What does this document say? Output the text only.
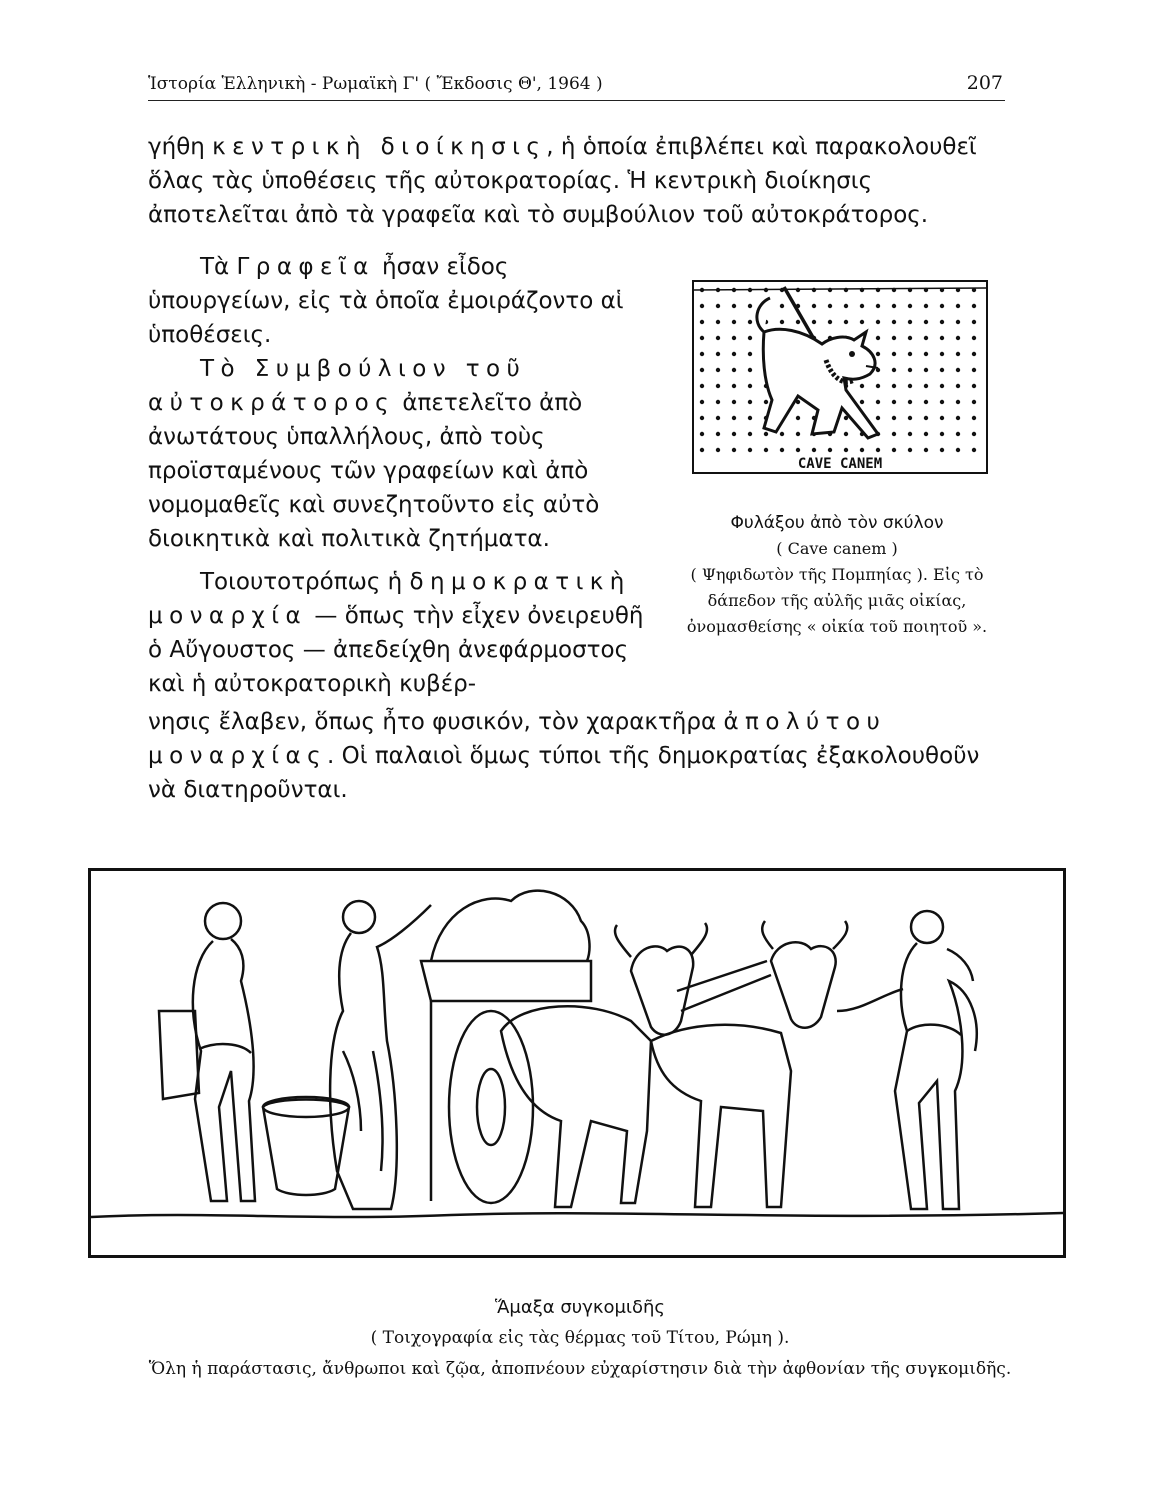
Ἱστορία Ἑλληνικὴ - Ρωμαϊκὴ Γ' ( Ἔκδοσις Θ', 1964 )	207

γήθη κεντρικὴ διοίκησις, ἡ ὁποία ἐπιβλέπει καὶ παρακολουθεῖ ὅλας τὰς ὑποθέσεις τῆς αὐτοκρατορίας. Ἡ κεντρικὴ διοίκησις ἀποτελεῖται ἀπὸ τὰ γραφεῖα καὶ τὸ συμβούλιον τοῦ αὐτοκράτορος.

Τὰ Γραφεῖα ἦσαν εἶδος ὑπουργείων, εἰς τὰ ὁποῖα ἐμοιράζοντο αἱ ὑποθέσεις.

Τὸ Συμβούλιον τοῦ αὐτοκράτορος ἀπετελεῖτο ἀπὸ ἀνωτάτους ὑπαλλήλους, ἀπὸ τοὺς προϊσταμένους τῶν γραφείων καὶ ἀπὸ νομομαθεῖς καὶ συνεζητοῦντο εἰς αὐτὸ διοικητικὰ καὶ πολιτικὰ ζητήματα.

Τοιουτοτρόπως ἡ δημοκρατικὴ μοναρχία — ὅπως τὴν εἶχεν ὀνειρευθῆ ὁ Αὔγουστος — ἀπεδείχθη ἀνεφάρμοστος καὶ ἡ αὐτοκρατορικὴ κυβέρ-

νησις ἔλαβεν, ὅπως ἦτο φυσικόν, τὸν χαρακτῆρα ἀπολύτου μοναρχίας. Οἱ παλαιοὶ ὅμως τύποι τῆς δημοκρατίας ἐξακολουθοῦν νὰ διατηροῦνται.

CAVE CANEM
Φυλάξου ἀπὸ τὸν σκύλον
( Cave canem )
( Ψηφιδωτὸν τῆς Πομπηίας ). Εἰς τὸ δάπεδον τῆς αὐλῆς μιᾶς οἰκίας, ὀνομασθείσης « οἰκία τοῦ ποιητοῦ ».
Ἅμαξα συγκομιδῆς
( Τοιχογραφία εἰς τὰς θέρμας τοῦ Τίτου, Ρώμη ).
Ὅλη ἡ παράστασις, ἄνθρωποι καὶ ζῷα, ἀποπνέουν εὐχαρίστησιν διὰ τὴν ἀφθονίαν τῆς συγκομιδῆς.
